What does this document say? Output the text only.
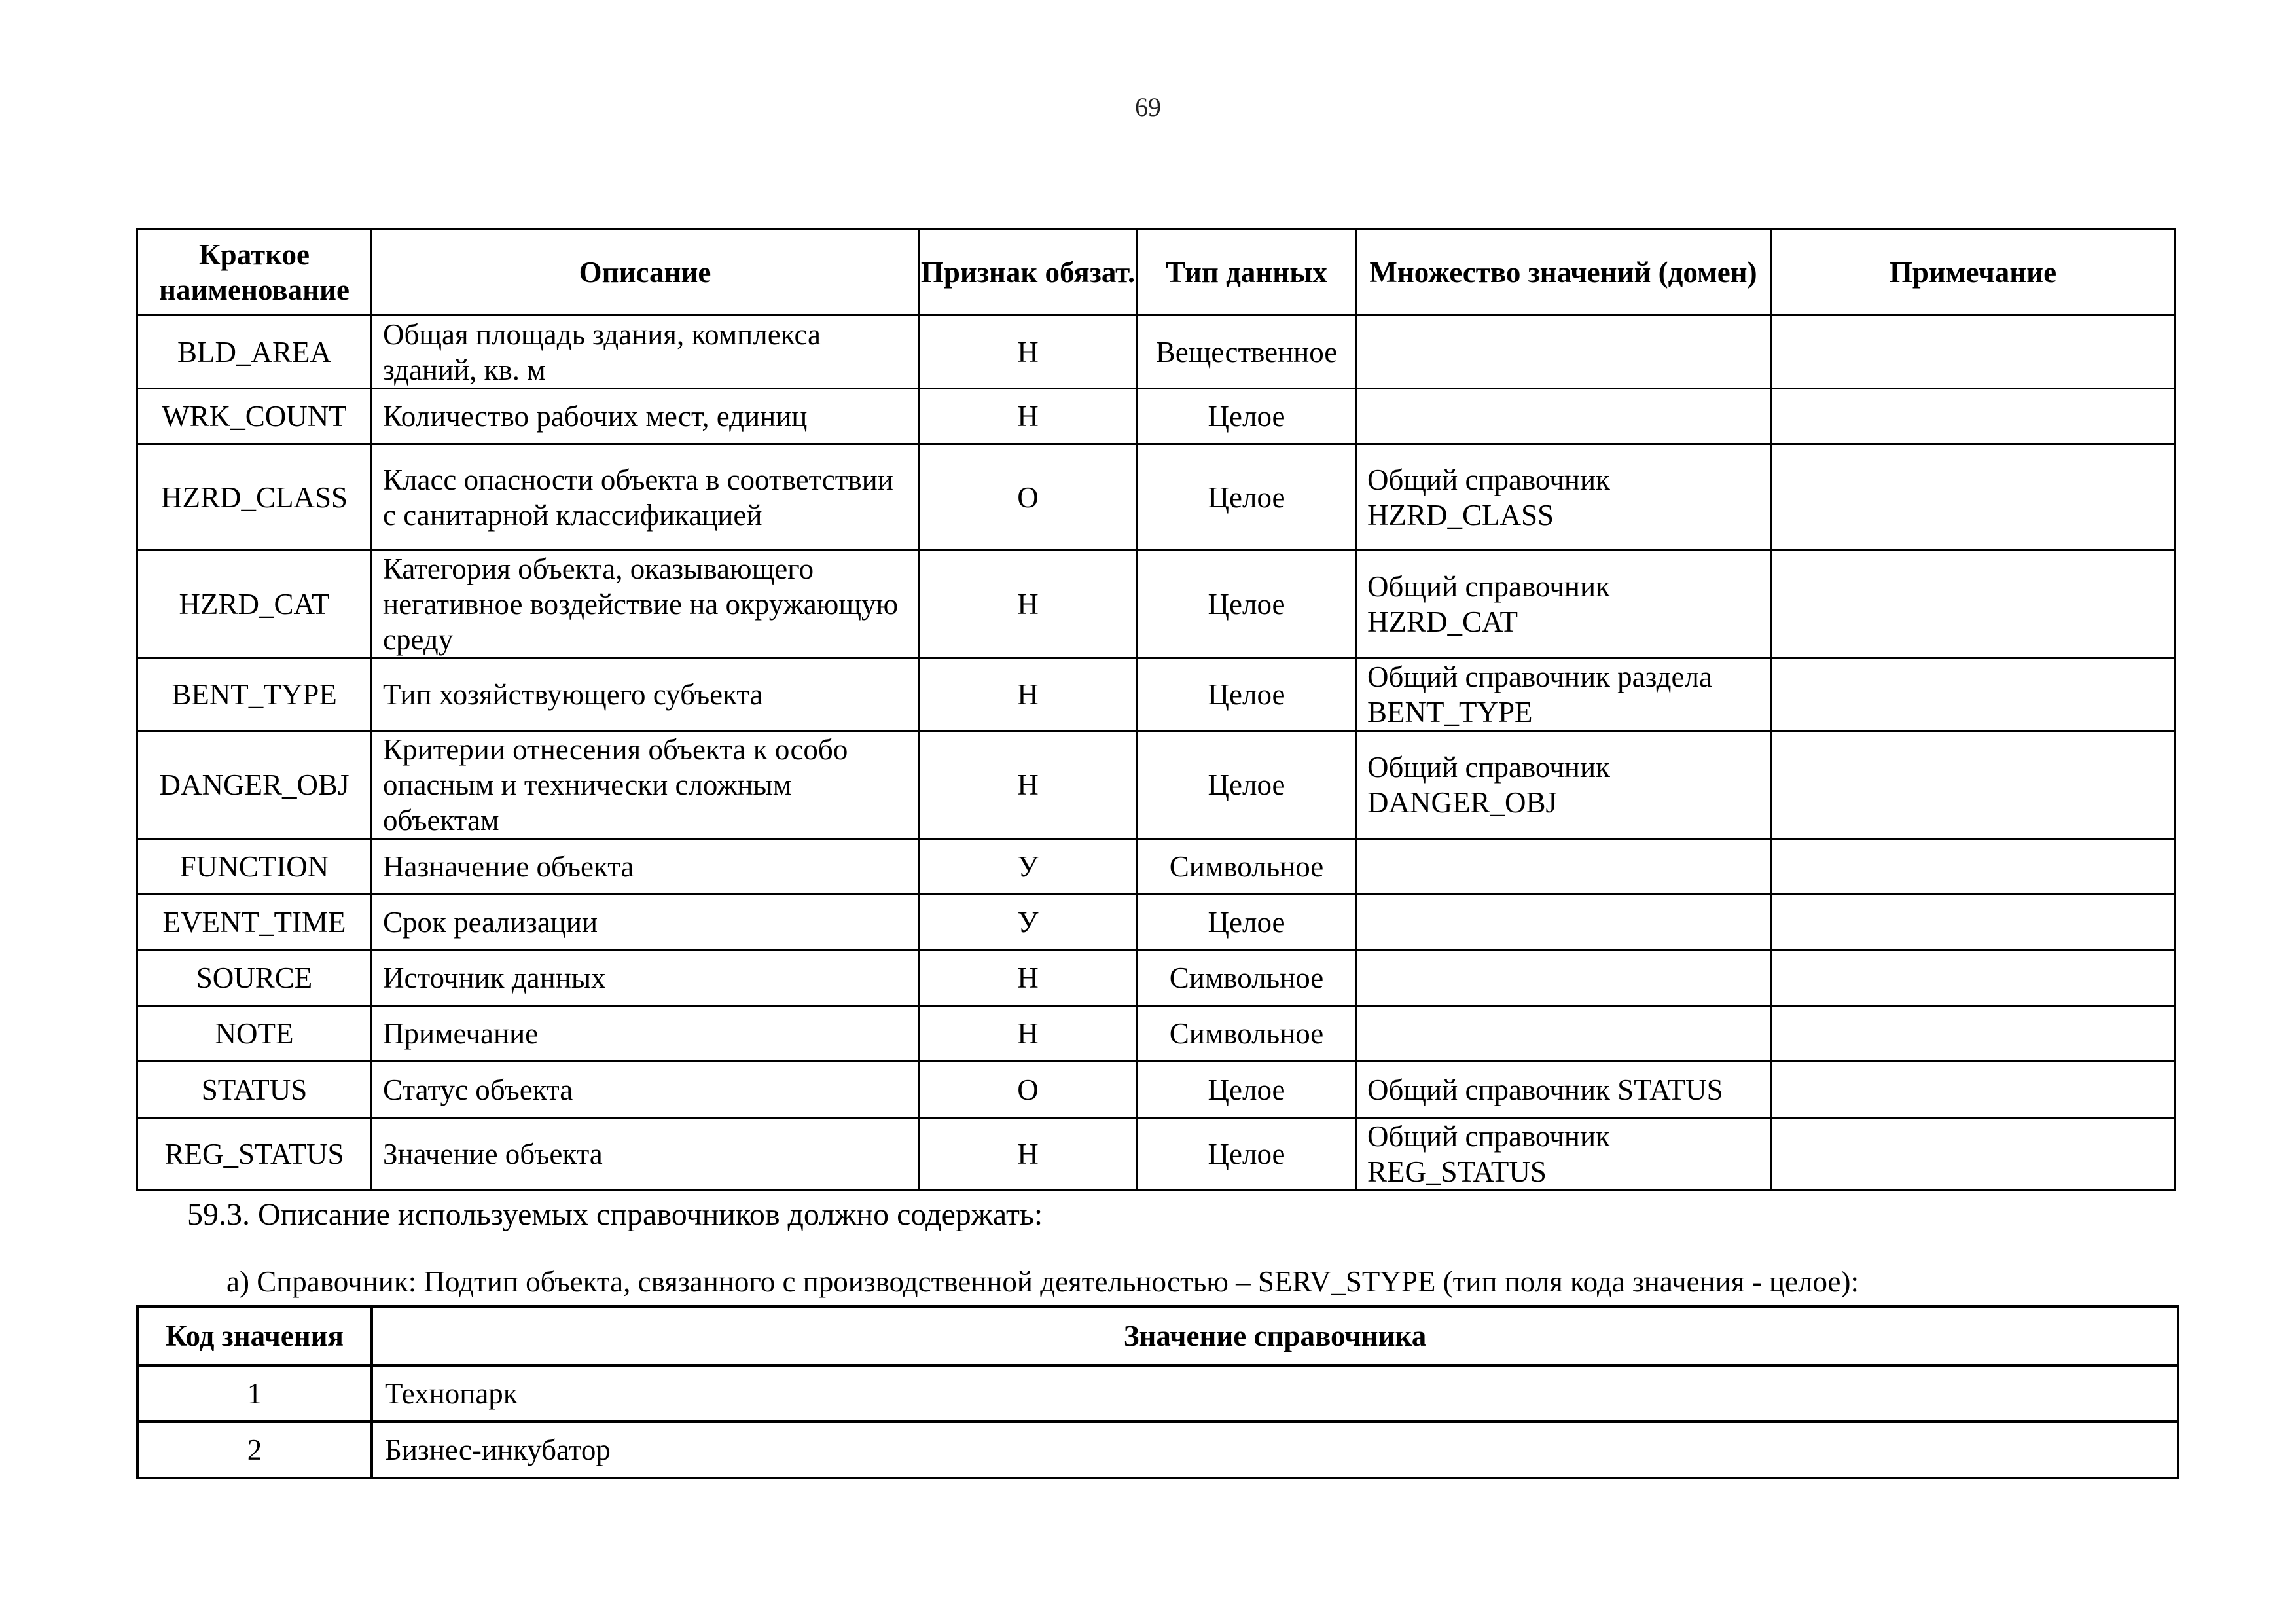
69
Краткое наименование	Описание	Признак обязат.	Тип данных	Множество значений (домен)	Примечание
BLD_AREA	Общая площадь здания, комплекса зданий, кв. м	Н	Вещественное		
WRK_COUNT	Количество рабочих мест, единиц	Н	Целое		
HZRD_CLASS	Класс опасности объекта в соответствии с санитарной классификацией	О	Целое	Общий справочник HZRD_CLASS	
HZRD_CAT	Категория объекта, оказывающего негативное воздействие на окружающую среду	Н	Целое	Общий справочник HZRD_CAT	
BENT_TYPE	Тип хозяйствующего субъекта	Н	Целое	Общий справочник раздела BENT_TYPE	
DANGER_OBJ	Критерии отнесения объекта к особо опасным и технически сложным объектам	Н	Целое	Общий справочник DANGER_OBJ	
FUNCTION	Назначение объекта	У	Символьное		
EVENT_TIME	Срок реализации	У	Целое		
SOURCE	Источник данных	Н	Символьное		
NOTE	Примечание	Н	Символьное		
STATUS	Статус объекта	О	Целое	Общий справочник STATUS	
REG_STATUS	Значение объекта	Н	Целое	Общий справочник REG_STATUS	
59.3. Описание используемых справочников должно содержать:
а) Справочник: Подтип объекта, связанного с производственной деятельностью – SERV_STYPE (тип поля кода значения - целое):
Код значения	Значение справочника
1	Технопарк
2	Бизнес-инкубатор
